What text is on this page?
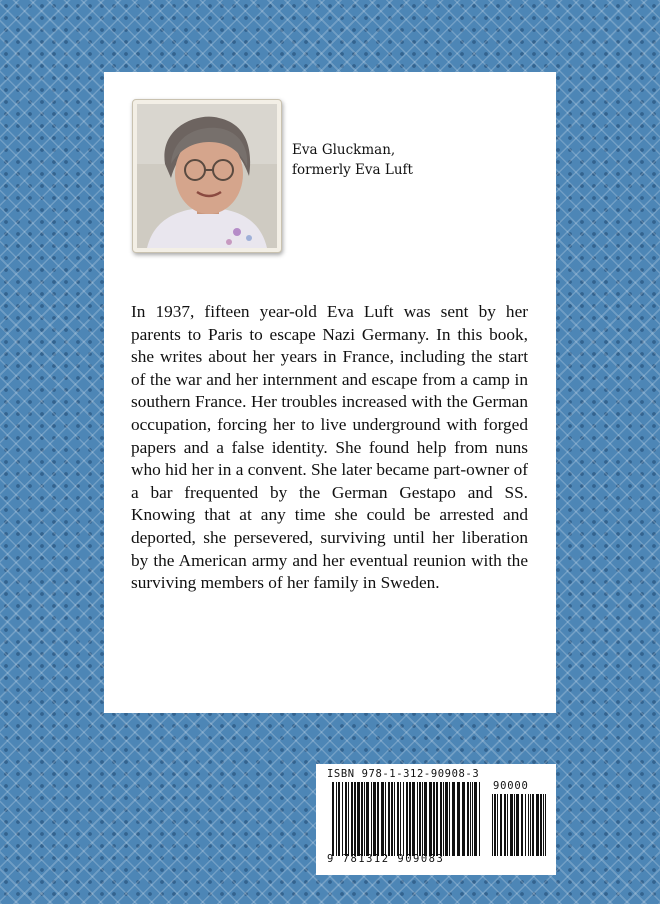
Eva Gluckman,
formerly Eva Luft

In 1937, fifteen year-old Eva Luft was sent by her parents to Paris to escape Nazi Germany. In this book, she writes about her years in France, including the start of the war and her internment and escape from a camp in southern France. Her troubles increased with the German occupation, forcing her to live underground with forged papers and a false identity. She found help from nuns who hid her in a convent. She later became part-owner of a bar frequented by the German Gestapo and SS. Knowing that at any time she could be arrested and deported, she persevered, surviving until her liberation by the American army and her eventual reunion with the surviving members of her family in Sweden.

ISBN 978-1-312-90908-3
90000
9 781312 909083
